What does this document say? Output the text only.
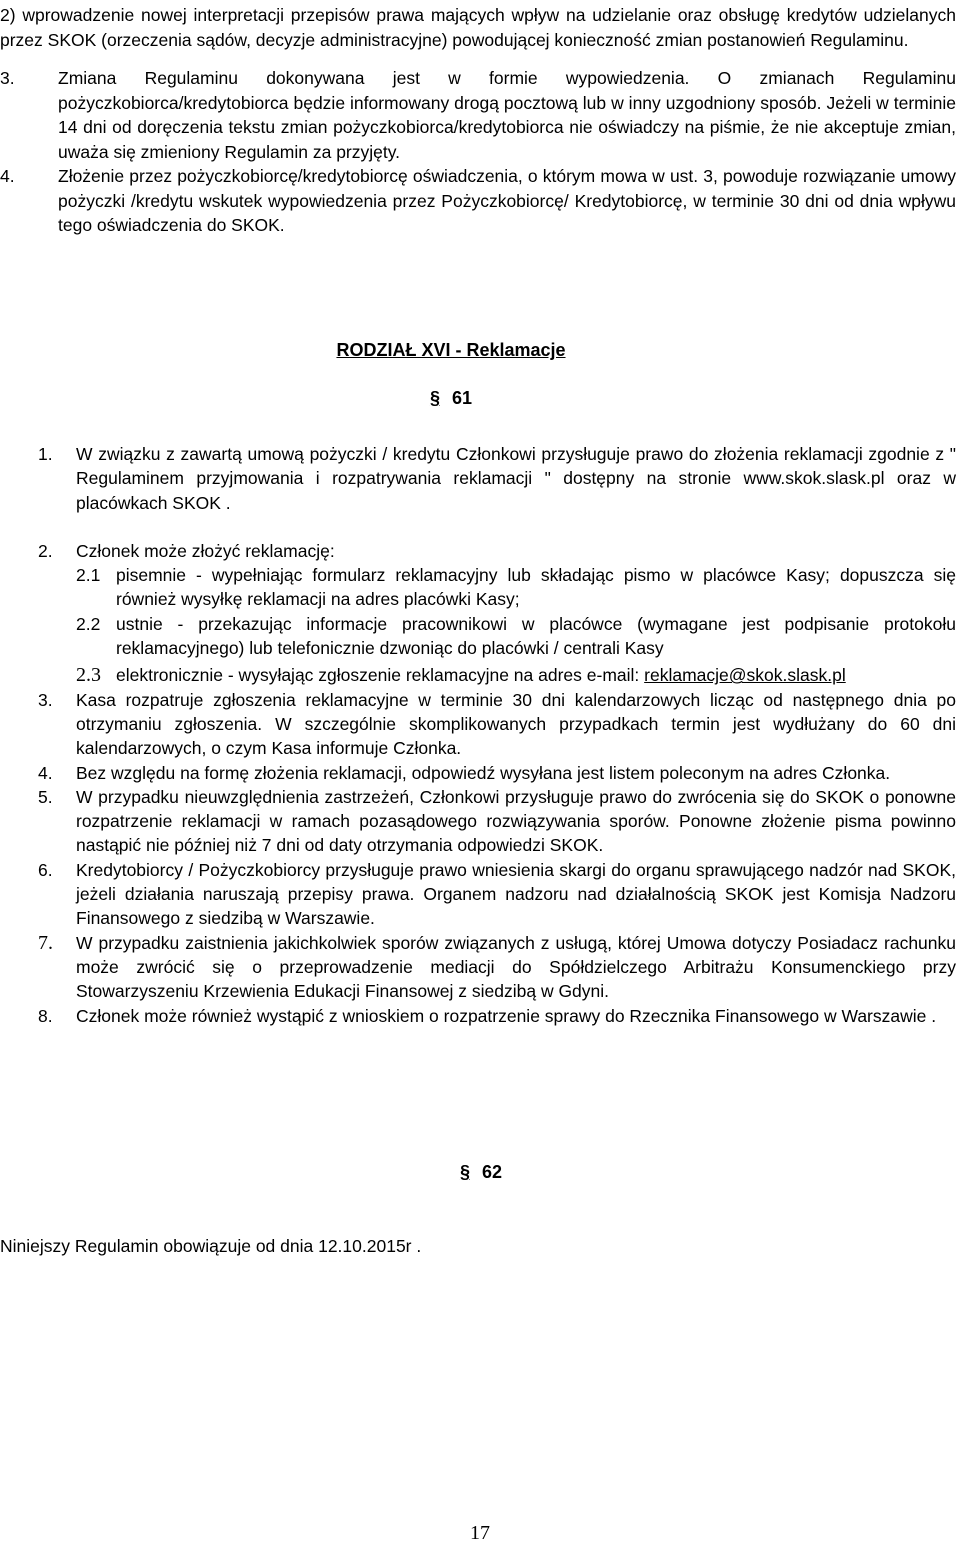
2) wprowadzenie nowej interpretacji przepisów prawa mających wpływ na udzielanie oraz obsługę kredytów udzielanych przez SKOK (orzeczenia sądów, decyzje administracyjne) powodującej konieczność zmian postanowień Regulaminu.

3. Zmiana Regulaminu dokonywana jest w formie wypowiedzenia. O zmianach Regulaminu pożyczkobiorca/kredytobiorca będzie informowany drogą pocztową lub w inny uzgodniony sposób. Jeżeli w terminie 14 dni od doręczenia tekstu zmian pożyczkobiorca/kredytobiorca nie oświadczy na piśmie, że nie akceptuje zmian, uważa się zmieniony Regulamin za przyjęty.

4. Złożenie przez pożyczkobiorcę/kredytobiorcę oświadczenia, o którym mowa w ust. 3, powoduje rozwiązanie umowy pożyczki /kredytu wskutek wypowiedzenia przez Pożyczkobiorcę/ Kredytobiorcę, w terminie 30 dni od dnia wpływu tego oświadczenia do SKOK.

RODZIAŁ XVI - Reklamacje
§ 61

1. W związku z zawartą umową pożyczki / kredytu Członkowi przysługuje prawo do złożenia reklamacji zgodnie z " Regulaminem przyjmowania i rozpatrywania reklamacji " dostępny na stronie www.skok.slask.pl oraz w placówkach SKOK .

2. Członek może złożyć reklamację:

2.1 pisemnie - wypełniając formularz reklamacyjny lub składając pismo w placówce Kasy; dopuszcza się również wysyłkę reklamacji na adres placówki Kasy;

2.2 ustnie - przekazując informacje pracownikowi w placówce (wymagane jest podpisanie protokołu reklamacyjnego) lub telefonicznie dzwoniąc do placówki / centrali Kasy

2.3 elektronicznie - wysyłając zgłoszenie reklamacyjne na adres e-mail: reklamacje@skok.slask.pl

3. Kasa rozpatruje zgłoszenia reklamacyjne w terminie 30 dni kalendarzowych licząc od następnego dnia po otrzymaniu zgłoszenia. W szczególnie skomplikowanych przypadkach termin jest wydłużany do 60 dni kalendarzowych, o czym Kasa informuje Członka.

4. Bez względu na formę złożenia reklamacji, odpowiedź wysyłana jest listem poleconym na adres Członka.

5. W przypadku nieuwzględnienia zastrzeżeń, Członkowi przysługuje prawo do zwrócenia się do SKOK o ponowne rozpatrzenie reklamacji w ramach pozasądowego rozwiązywania sporów. Ponowne złożenie pisma powinno nastąpić nie później niż 7 dni od daty otrzymania odpowiedzi SKOK.

6. Kredytobiorcy / Pożyczkobiorcy przysługuje prawo wniesienia skargi do organu sprawującego nadzór nad SKOK, jeżeli działania naruszają przepisy prawa. Organem nadzoru nad działalnością SKOK jest Komisja Nadzoru Finansowego z siedzibą w Warszawie.

7. W przypadku zaistnienia jakichkolwiek sporów związanych z usługą, której Umowa dotyczy Posiadacz rachunku może zwrócić się o przeprowadzenie mediacji do Spółdzielczego Arbitrażu Konsumenckiego przy Stowarzyszeniu Krzewienia Edukacji Finansowej z siedzibą w Gdyni.

8. Członek może również wystąpić z wnioskiem o rozpatrzenie sprawy do Rzecznika Finansowego w Warszawie .

§ 62
Niniejszy Regulamin obowiązuje od dnia 12.10.2015r .
17
